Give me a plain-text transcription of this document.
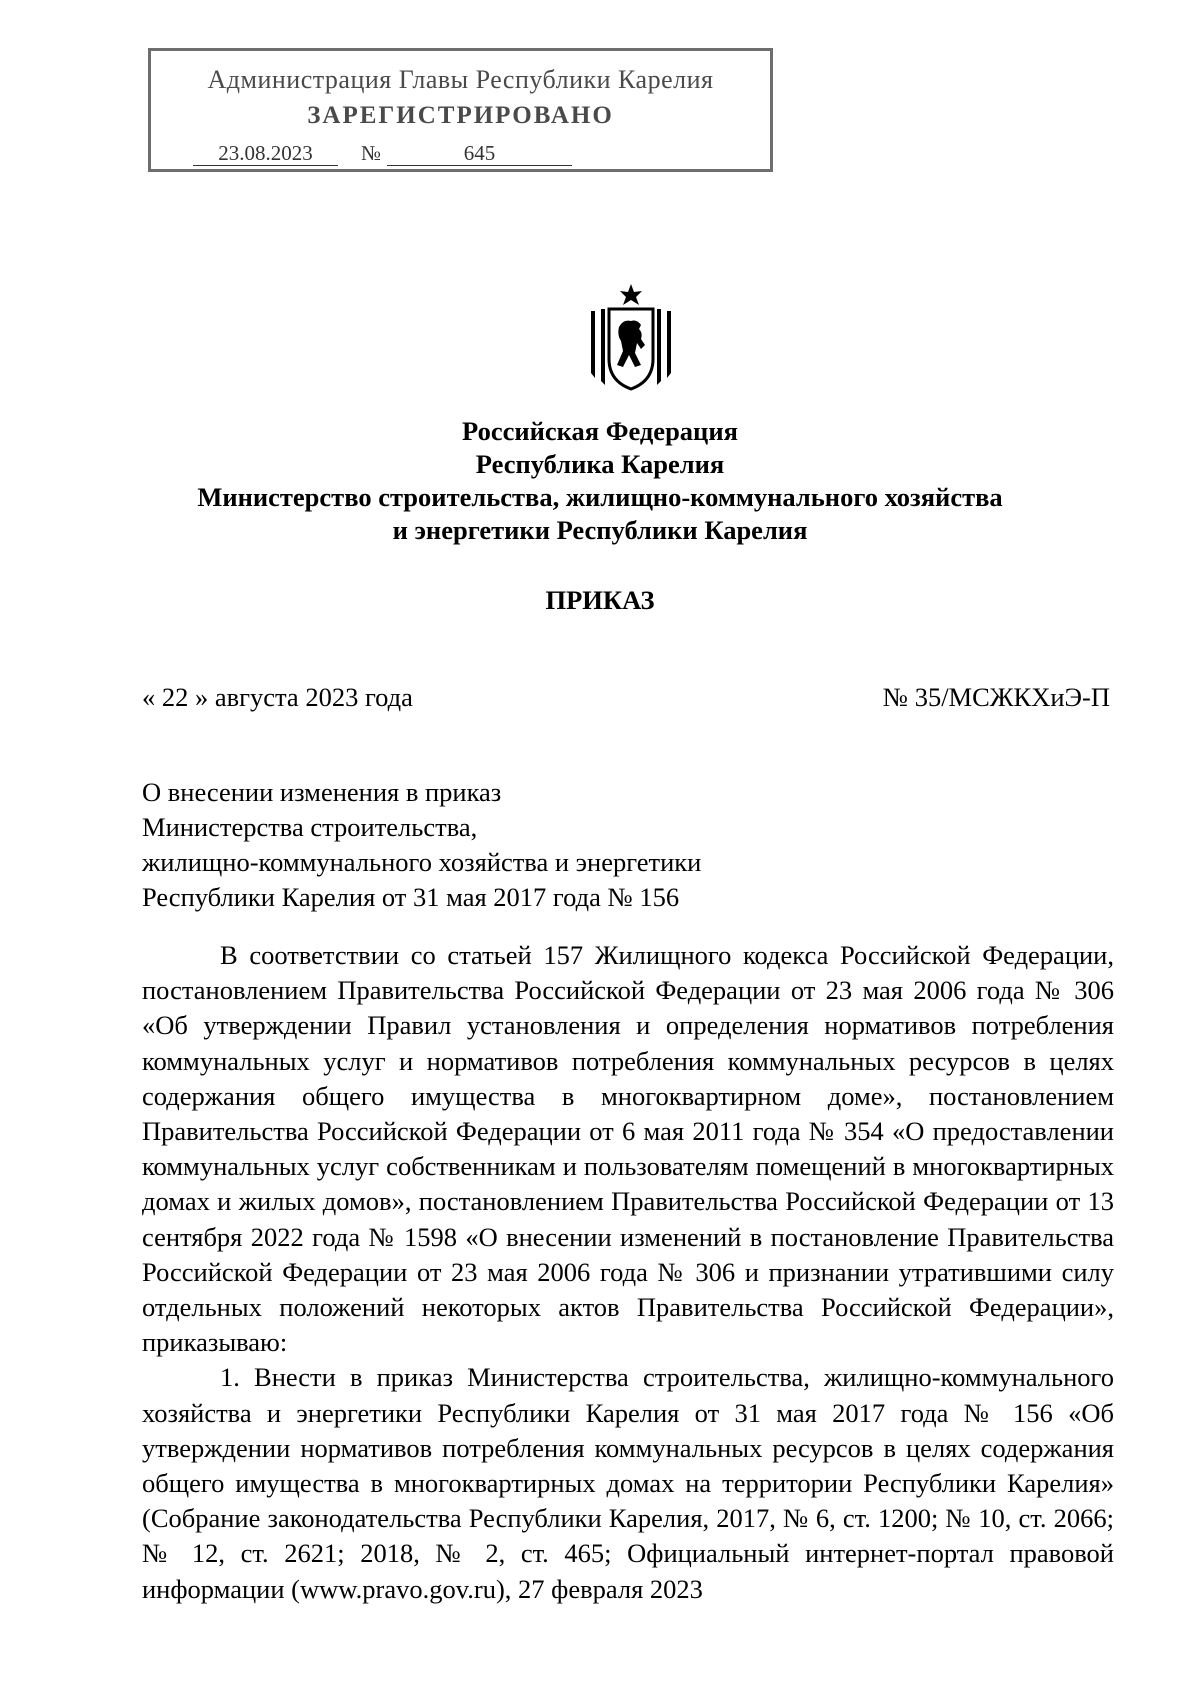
Администрация Главы Республики Карелия
ЗАРЕГИСТРИРОВАНО
23.08.2023	№	645
Российская Федерация
Республика Карелия
Министерство строительства, жилищно-коммунального хозяйства
и энергетики Республики Карелия
ПРИКАЗ
« 22 » августа 2023 года	№ 35/МСЖКХиЭ-П
О внесении изменения в приказ
Министерства строительства,
жилищно-коммунального хозяйства и энергетики
Республики Карелия от 31 мая 2017 года № 156

В соответствии со статьей 157 Жилищного кодекса Российской Федерации, постановлением Правительства Российской Федерации от 23 мая 2006 года № 306 «Об утверждении Правил установления и определения нормативов потребления коммунальных услуг и нормативов потребления коммунальных ресурсов в целях содержания общего имущества в многоквартирном доме», постановлением Правительства Российской Федерации от 6 мая 2011 года № 354 «О предоставлении коммунальных услуг собственникам и пользователям помещений в многоквартирных домах и жилых домов», постановлением Правительства Российской Федерации от 13 сентября 2022 года № 1598 «О внесении изменений в постановление Правительства Российской Федерации от 23 мая 2006 года № 306 и признании утратившими силу отдельных положений некоторых актов Правительства Российской Федерации», приказываю:

1. Внести в приказ Министерства строительства, жилищно-коммунального хозяйства и энергетики Республики Карелия от 31 мая 2017 года № 156 «Об утверждении нормативов потребления коммунальных ресурсов в целях содержания общего имущества в многоквартирных домах на территории Республики Карелия» (Собрание законодательства Республики Карелия, 2017, № 6, ст. 1200; № 10, ст. 2066; № 12, ст. 2621; 2018, № 2, ст. 465; Официальный интернет-портал правовой информации (www.pravo.gov.ru), 27 февраля 2023
